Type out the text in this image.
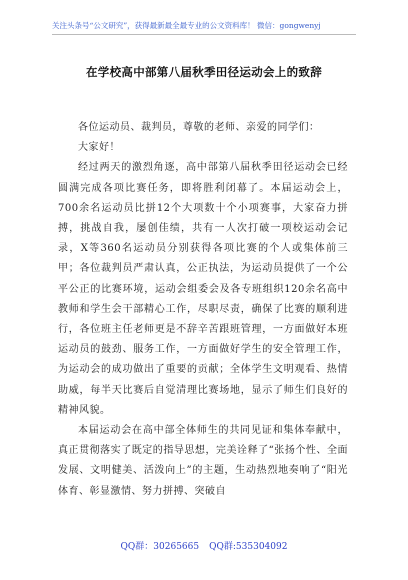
关注头条号“公文研究”，获得最新最全最专业的公文资料库！ 微信：gongwenyj
在学校高中部第八届秋季田径运动会上的致辞

各位运动员、裁判员，尊敬的老师、亲爱的同学们：

大家好！

经过两天的激烈角逐，高中部第八届秋季田径运动会已经圆满完成各项比赛任务，即将胜利闭幕了。本届运动会上，700余名运动员比拼12个大项数十个小项赛事，大家奋力拼搏，挑战自我，屡创佳绩，共有一人次打破一项校运动会记录，X等360名运动员分别获得各项比赛的个人或集体前三甲；各位裁判员严肃认真，公正执法，为运动员提供了一个公平公正的比赛环境，运动会组委会及各专班组织120余名高中教师和学生会干部精心工作，尽职尽责，确保了比赛的顺利进行，各位班主任老师更是不辞辛苦跟班管理，一方面做好本班运动员的鼓劲、服务工作，一方面做好学生的安全管理工作，为运动会的成功做出了重要的贡献；全体学生文明观看、热情助威，每半天比赛后自觉清理比赛场地，显示了师生们良好的精神风貌。

本届运动会在高中部全体师生的共同见证和集体奉献中，真正贯彻落实了既定的指导思想，完美诠释了“张扬个性、全面发展、文明健美、活泼向上”的主题，生动热烈地奏响了“阳光体育、彰显激情、努力拼搏、突破自

QQ群：30265665 QQ群:535304092
